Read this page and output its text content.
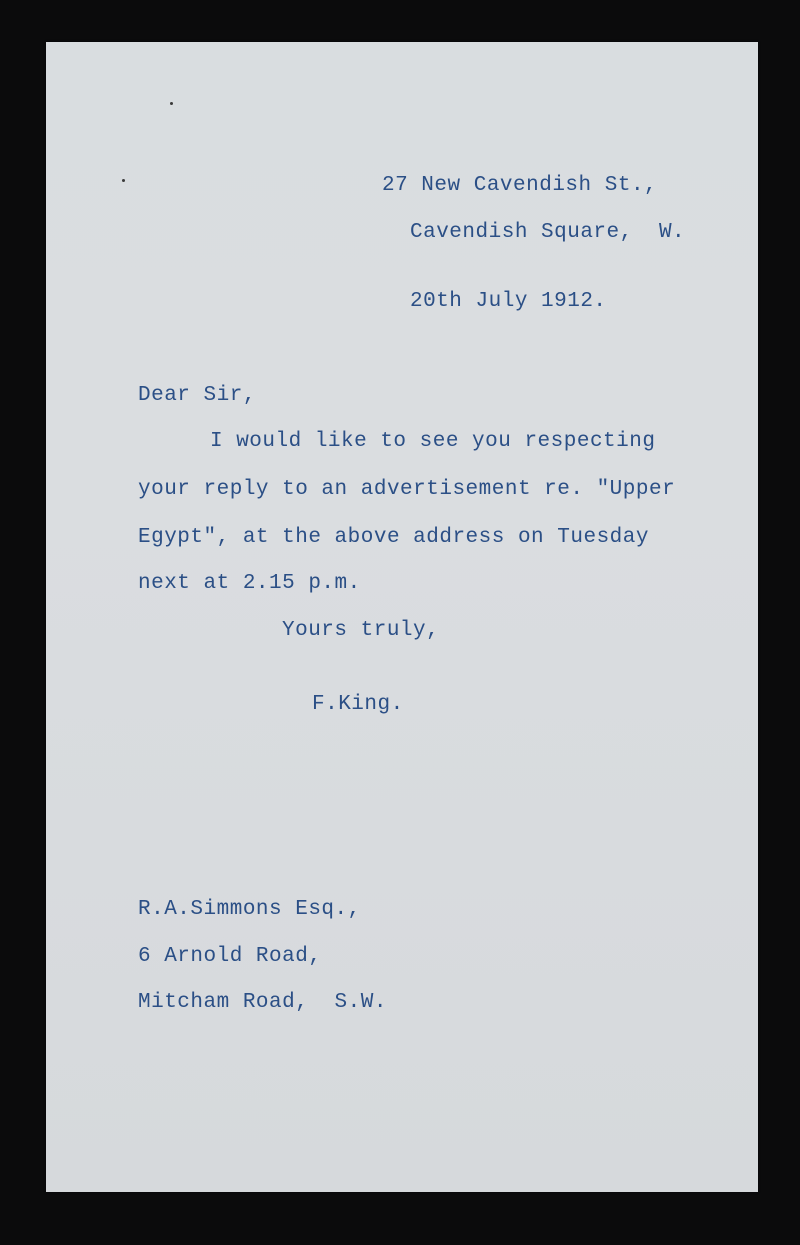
27 New Cavendish St.,

Cavendish Square,  W.

20th July 1912.

Dear Sir,

I would like to see you respecting

your reply to an advertisement re. "Upper

Egypt", at the above address on Tuesday

next at 2.15 p.m.

Yours truly,

F.King.

R.A.Simmons Esq.,

6 Arnold Road,

Mitcham Road,  S.W.
